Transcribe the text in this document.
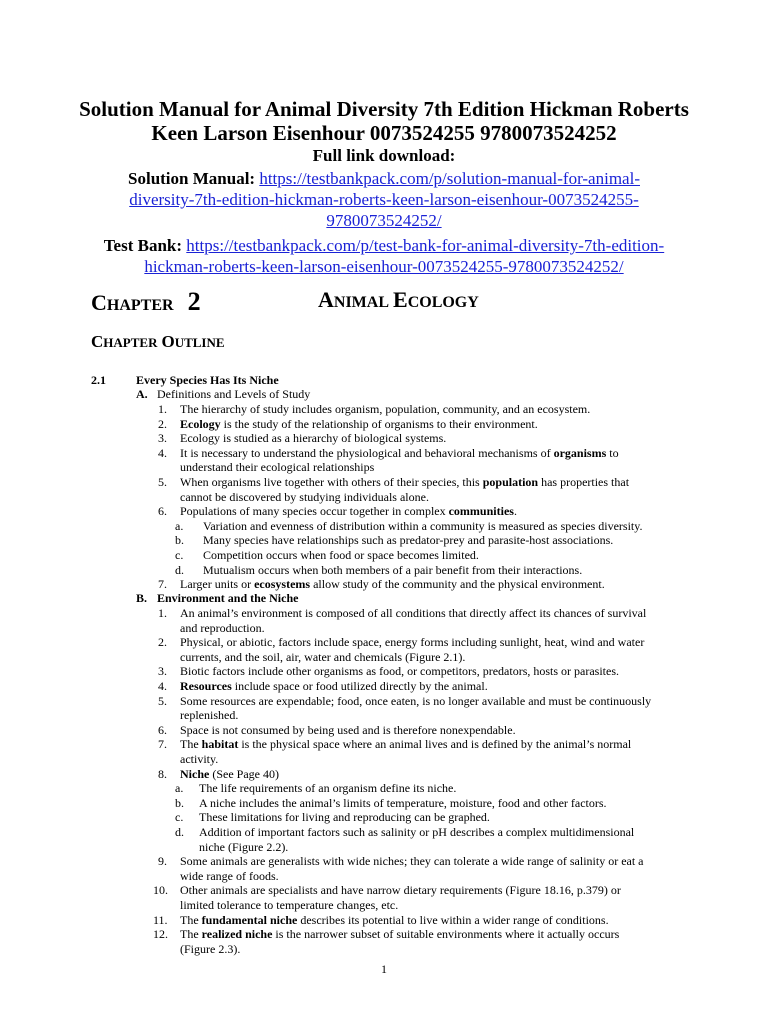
Solution Manual for Animal Diversity 7th Edition Hickman Roberts
Keen Larson Eisenhour 0073524255 9780073524252
Full link download:
Solution Manual: https://testbankpack.com/p/solution-manual-for-animal-
diversity-7th-edition-hickman-roberts-keen-larson-eisenhour-0073524255-
9780073524252/
Test Bank: https://testbankpack.com/p/test-bank-for-animal-diversity-7th-edition-
hickman-roberts-keen-larson-eisenhour-0073524255-9780073524252/
CHAPTER 2	ANIMAL ECOLOGY
CHAPTER OUTLINE
2.1	Every Species Has Its Niche
A. Definitions and Levels of Study
1. The hierarchy of study includes organism, population, community, and an ecosystem.
2. Ecology is the study of the relationship of organisms to their environment.
3. Ecology is studied as a hierarchy of biological systems.
4. It is necessary to understand the physiological and behavioral mechanisms of organisms to
understand their ecological relationships
5. When organisms live together with others of their species, this population has properties that
cannot be discovered by studying individuals alone.
6. Populations of many species occur together in complex communities.
a. Variation and evenness of distribution within a community is measured as species diversity.
b. Many species have relationships such as predator-prey and parasite-host associations.
c. Competition occurs when food or space becomes limited.
d. Mutualism occurs when both members of a pair benefit from their interactions.
7. Larger units or ecosystems allow study of the community and the physical environment.
B. Environment and the Niche
1. An animal’s environment is composed of all conditions that directly affect its chances of survival
and reproduction.
2. Physical, or abiotic, factors include space, energy forms including sunlight, heat, wind and water
currents, and the soil, air, water and chemicals (Figure 2.1).
3. Biotic factors include other organisms as food, or competitors, predators, hosts or parasites.
4. Resources include space or food utilized directly by the animal.
5. Some resources are expendable; food, once eaten, is no longer available and must be continuously
replenished.
6. Space is not consumed by being used and is therefore nonexpendable.
7. The habitat is the physical space where an animal lives and is defined by the animal’s normal
activity.
8. Niche (See Page 40)
a. The life requirements of an organism define its niche.
b. A niche includes the animal’s limits of temperature, moisture, food and other factors.
c. These limitations for living and reproducing can be graphed.
d. Addition of important factors such as salinity or pH describes a complex multidimensional
niche (Figure 2.2).
9. Some animals are generalists with wide niches; they can tolerate a wide range of salinity or eat a
wide range of foods.
10. Other animals are specialists and have narrow dietary requirements (Figure 18.16, p.379) or
limited tolerance to temperature changes, etc.
11. The fundamental niche describes its potential to live within a wider range of conditions.
12. The realized niche is the narrower subset of suitable environments where it actually occurs
(Figure 2.3).
1
